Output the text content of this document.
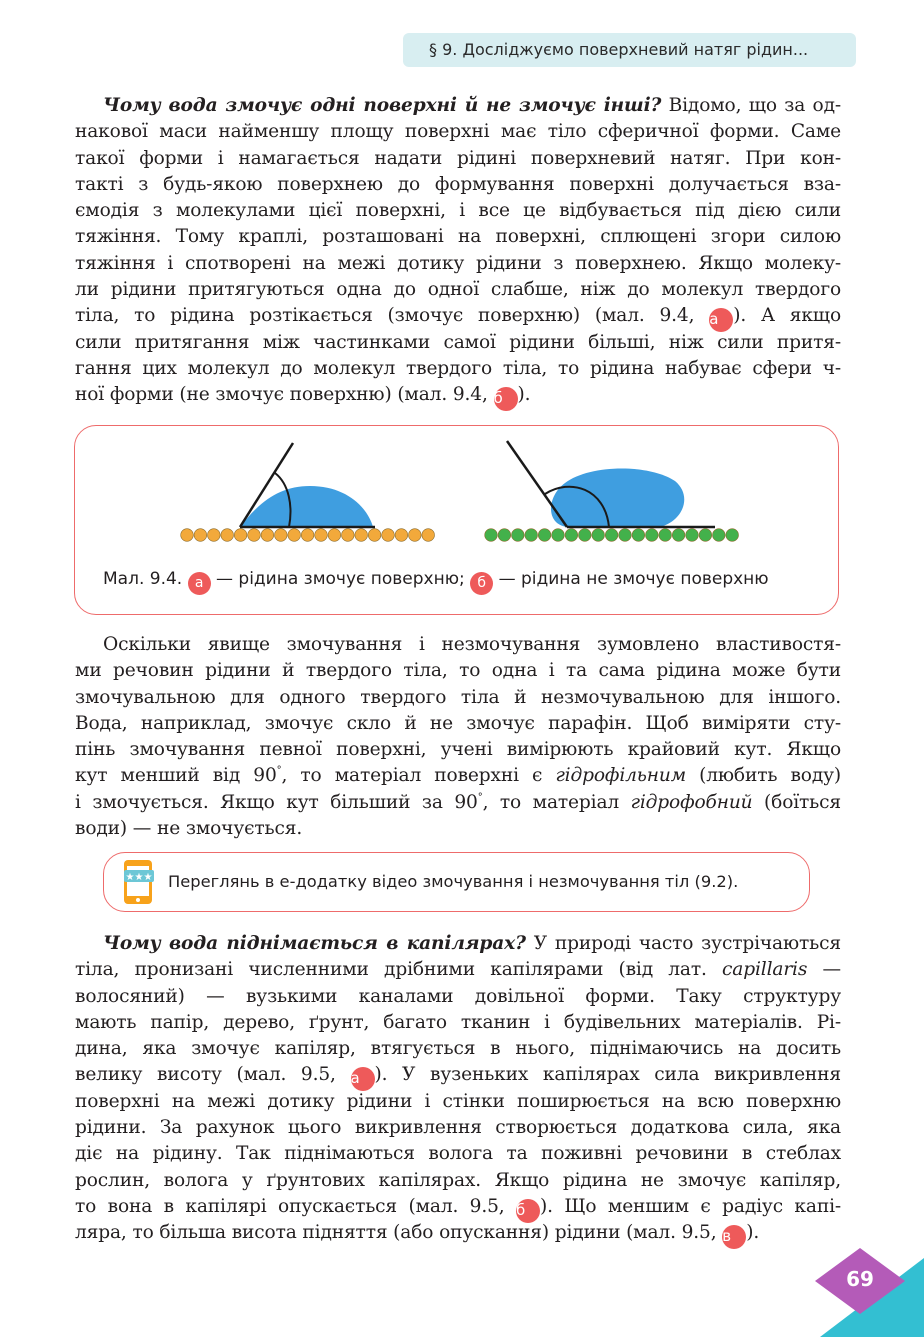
§ 9. Досліджуємо поверхневий натяг рідин...
Чому вода змочує одні поверхні й не змочує інші? Відомо, що за од-
накової маси найменшу площу поверхні має тіло сферичної форми. Саме
такої форми і намагається надати рідині поверхневий натяг. При кон-
такті з будь-якою поверхнею до формування поверхні долучається вза-
ємодія з молекулами цієї поверхні, і все це відбувається під дією сили
тяжіння. Тому краплі, розташовані на поверхні, сплющені згори силою
тяжіння і спотворені на межі дотику рідини з поверхнею. Якщо молеку-
ли рідини притягуються одна до одної слабше, ніж до молекул твердого
тіла, то рідина розтікається (змочує поверхню) (мал. 9.4, а ). А якщо
сили притягання між частинками самої рідини більші, ніж сили притя-
гання цих молекул до молекул твердого тіла, то рідина набуває сфери ч-
ної форми (не змочує поверхню) (мал. 9.4, б ).
Мал. 9.4. а — рідина змочує поверхню; б — рідина не змочує поверхню
Оскільки явище змочування і незмочування зумовлено властивостя-
ми речовин рідини й твердого тіла, то одна і та сама рідина може бути
змочувальною для одного твердого тіла й незмочувальною для іншого.
Вода, наприклад, змочує скло й не змочує парафін. Щоб виміряти сту-
пінь змочування певної поверхні, учені вимірюють крайовий кут. Якщо
кут менший від 90°, то матеріал поверхні є гідрофільним (любить воду)
і змочується. Якщо кут більший за 90°, то матеріал гідрофобний (боїться
води) — не змочується.
★★★ Переглянь в е-додатку відео змочування і незмочування тіл (9.2).
Чому вода піднімається в капілярах? У природі часто зустрічаються
тіла, пронизані численними дрібними капілярами (від лат. capillaris —
волосяний) — вузькими каналами довільної форми. Таку структуру
мають папір, дерево, ґрунт, багато тканин і будівельних матеріалів. Рі-
дина, яка змочує капіляр, втягується в нього, піднімаючись на досить
велику висоту (мал. 9.5, а ). У вузеньких капілярах сила викривлення
поверхні на межі дотику рідини і стінки поширюється на всю поверхню
рідини. За рахунок цього викривлення створюється додаткова сила, яка
діє на рідину. Так піднімаються волога та поживні речовини в стеблах
рослин, волога у ґрунтових капілярах. Якщо рідина не змочує капіляр,
то вона в капілярі опускається (мал. 9.5, б ). Що меншим є радіус капі-
ляра, то більша висота підняття (або опускання) рідини (мал. 9.5, в ).
69
